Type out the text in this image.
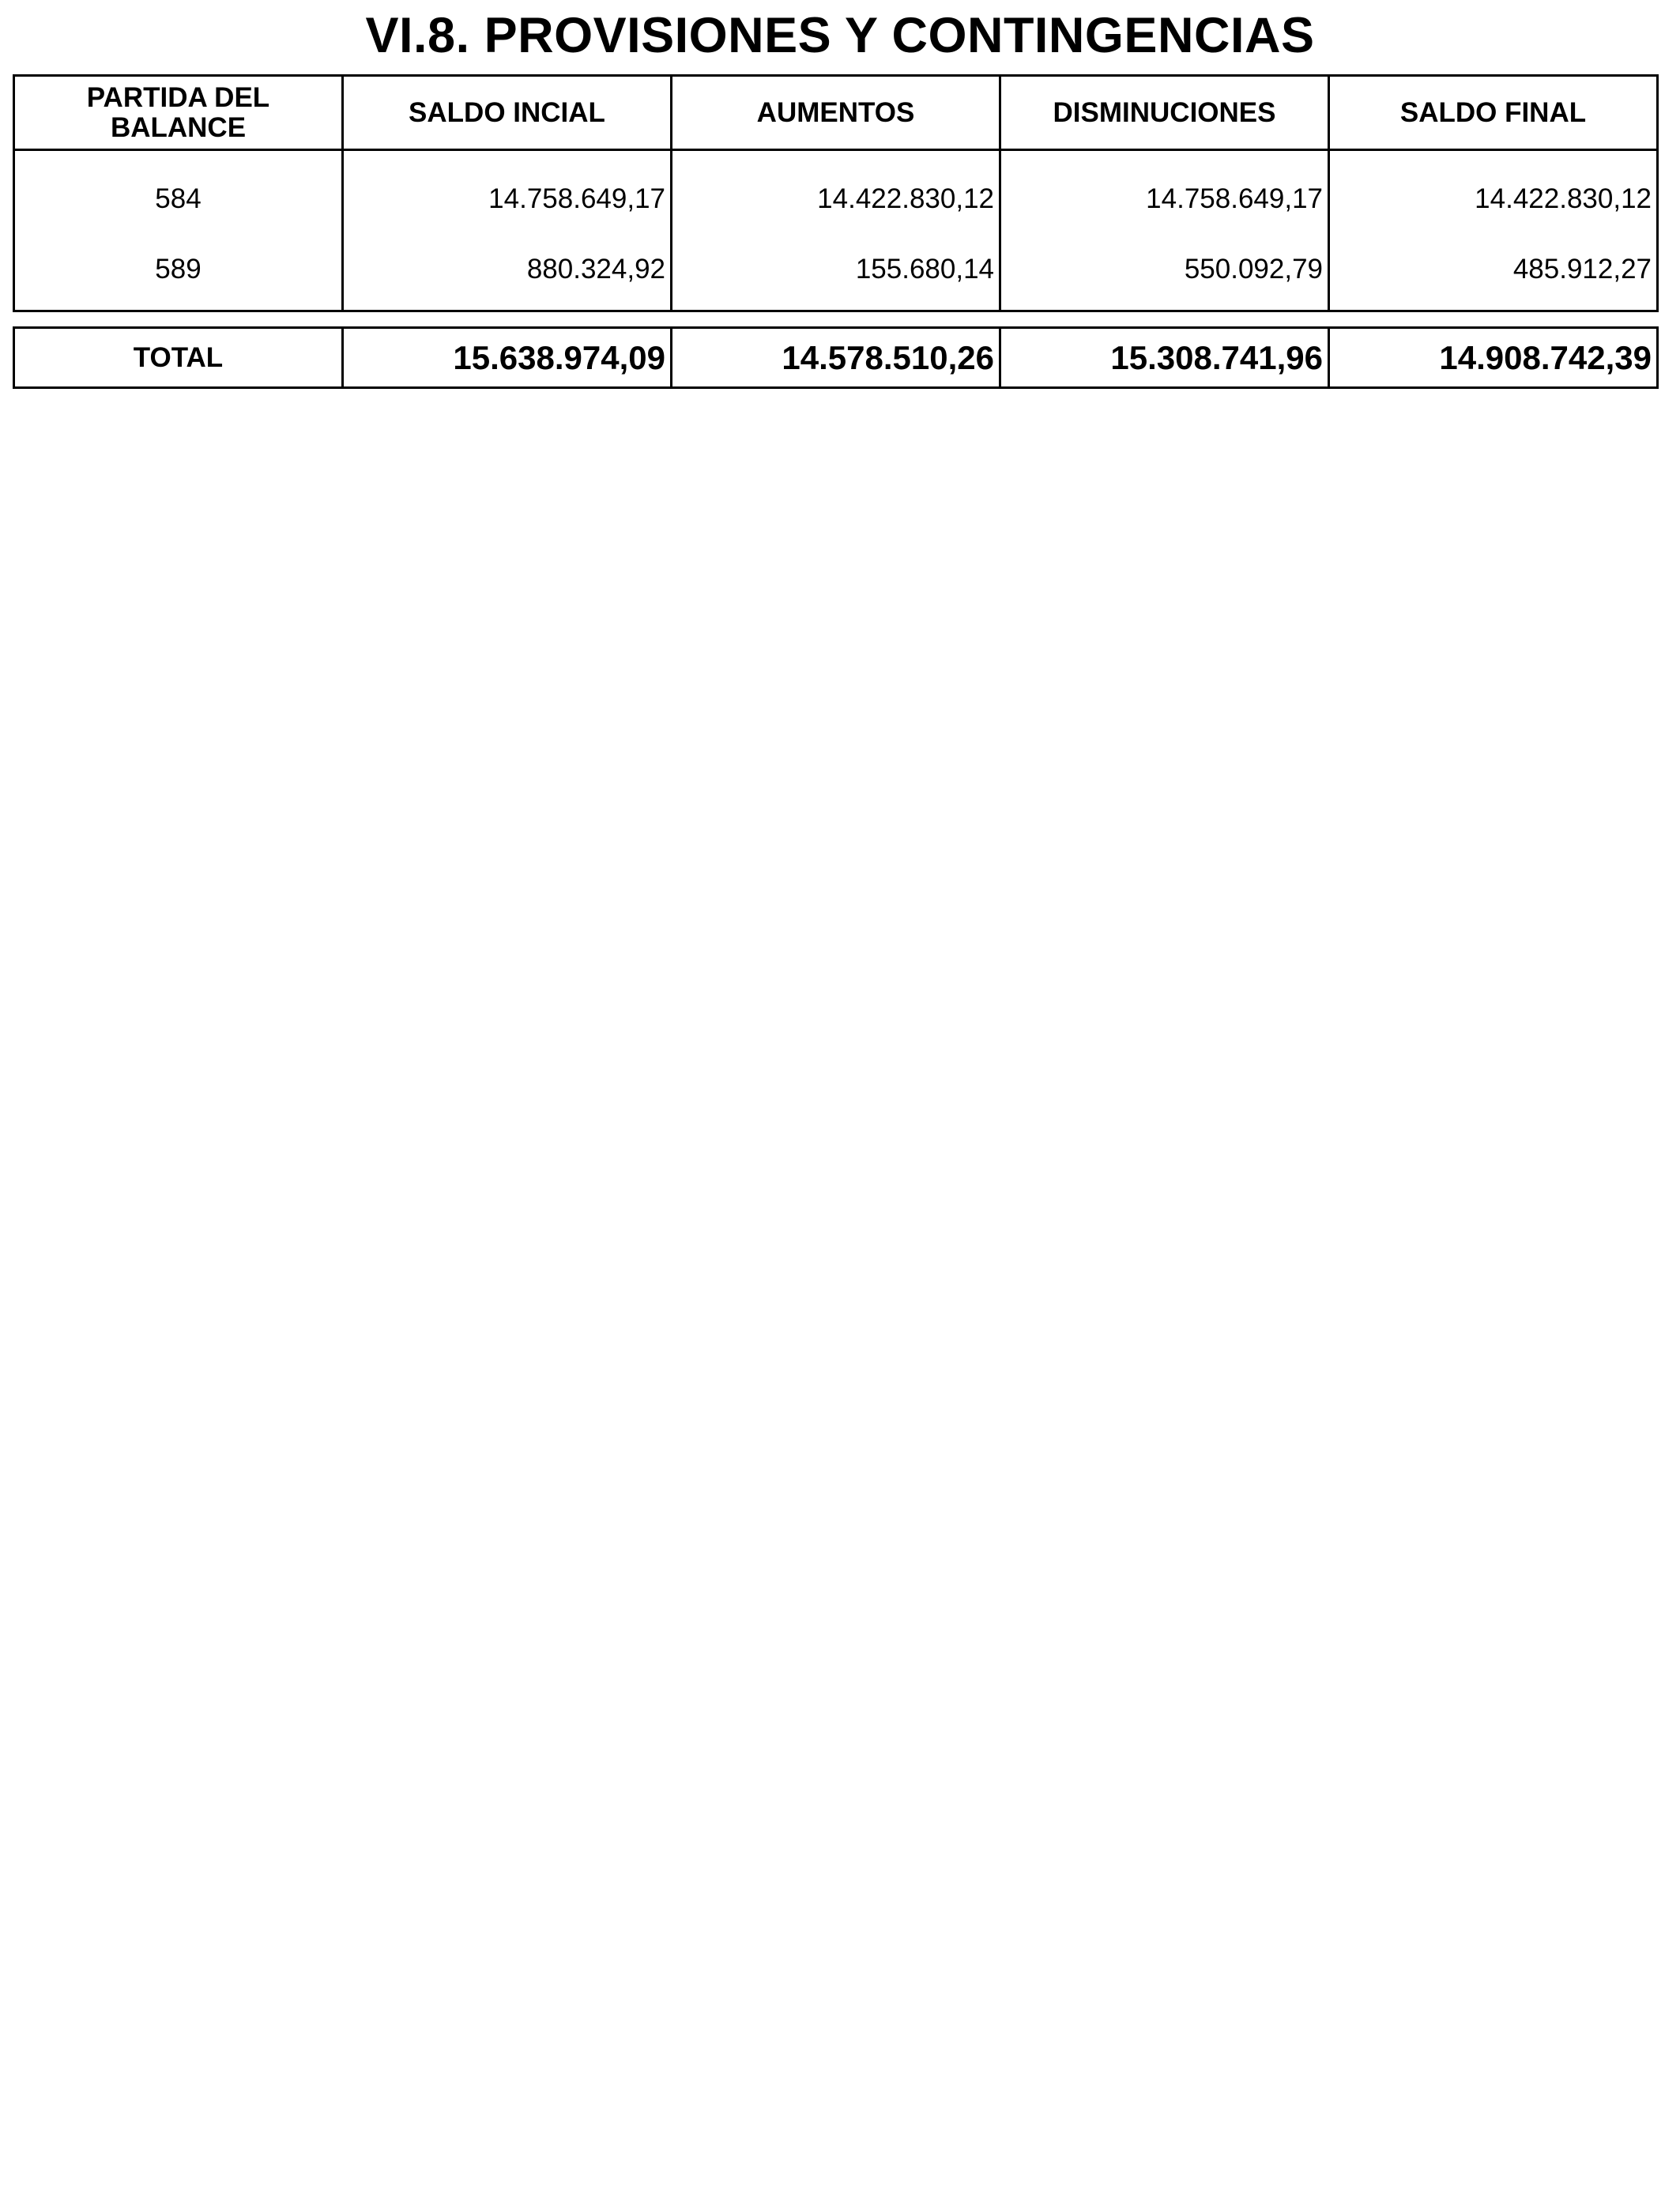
VI.8. PROVISIONES Y CONTINGENCIAS
PARTIDA DEL
BALANCE	SALDO INCIAL	AUMENTOS	DISMINUCIONES	SALDO FINAL
584	14.758.649,17	14.422.830,12	14.758.649,17	14.422.830,12
589	880.324,92	155.680,14	550.092,79	485.912,27
TOTAL	15.638.974,09	14.578.510,26	15.308.741,96	14.908.742,39
